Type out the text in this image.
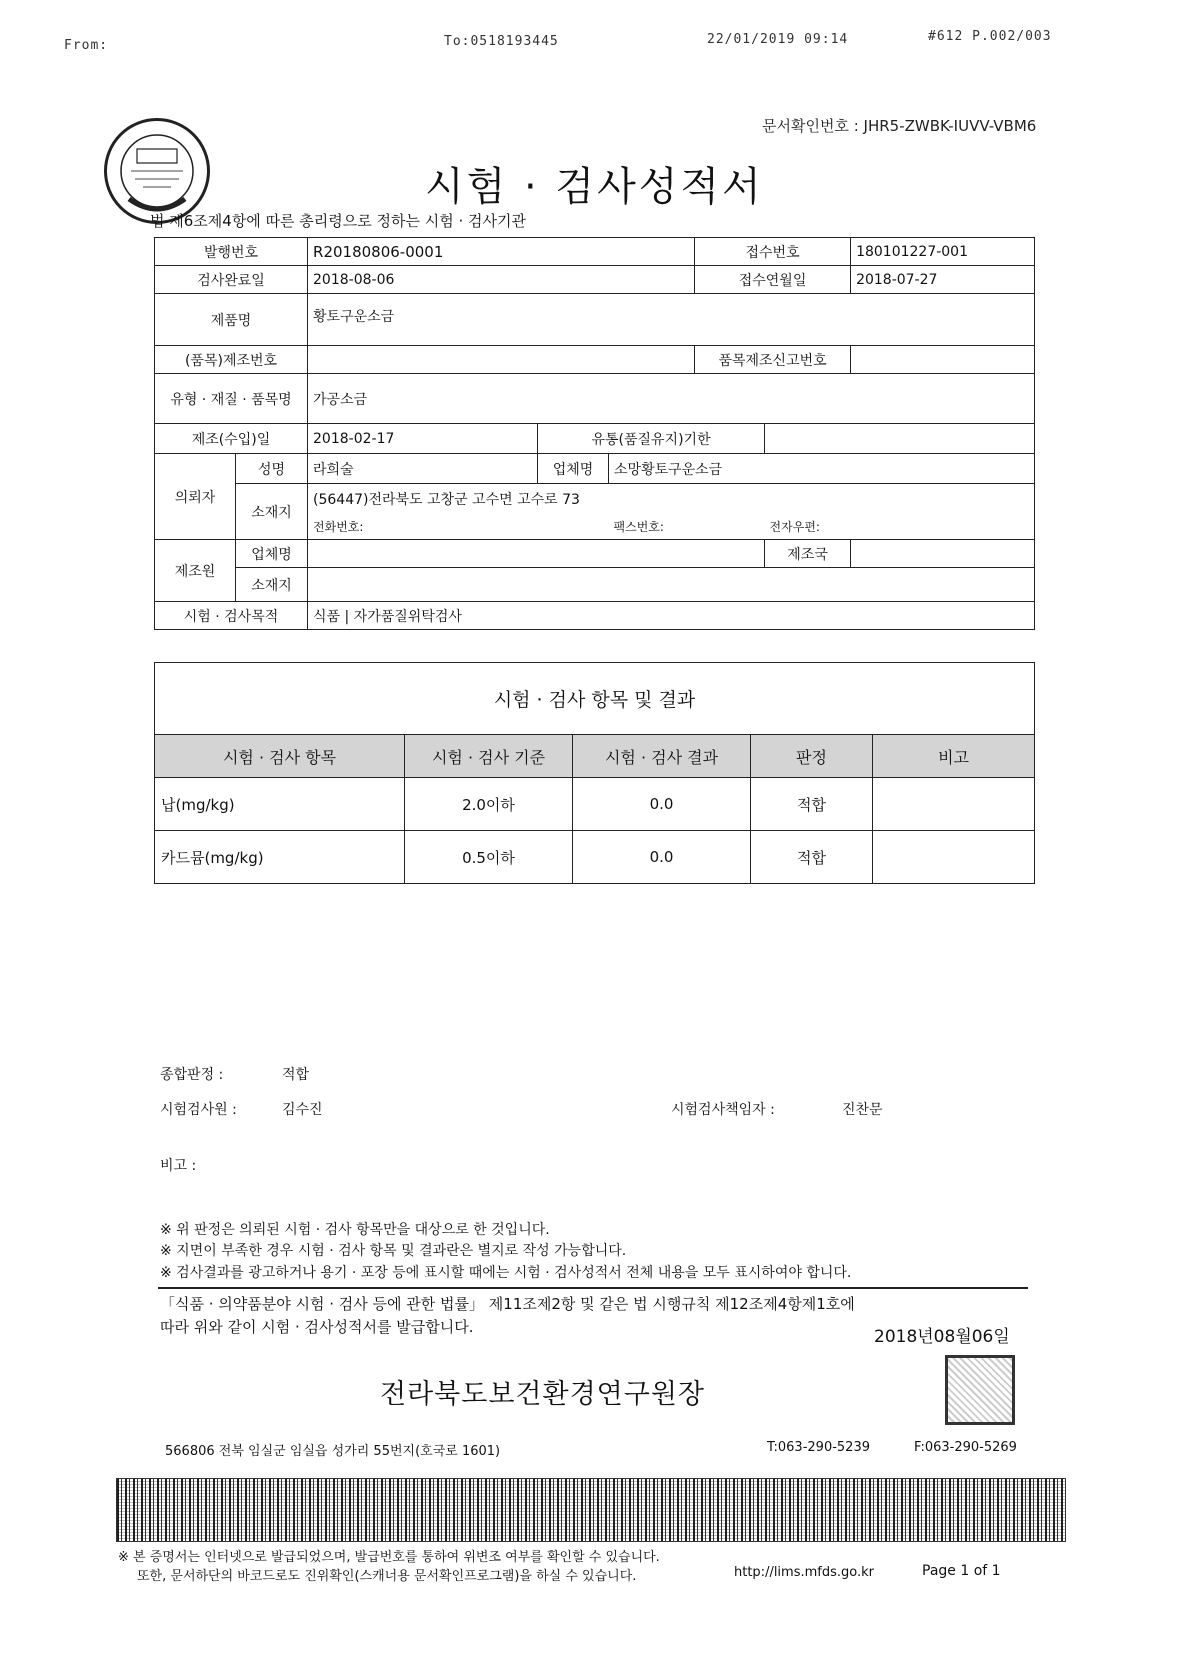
From:	To:0518193445	22/01/2019 09:14	#612 P.002/003
문서확인번호 : JHR5-ZWBK-IUVV-VBM6
시험 · 검사성적서
법 제6조제4항에 따른 총리령으로 정하는 시험 · 검사기관
발행번호		R20180806-0001			접수번호		180101227-001
검사완료일		2018-08-06			접수연월일		2018-07-27
제품명		황토구운소금					
(품목)제조번호					품목제조신고번호		
유형 · 재질 · 품목명		가공소금					
제조(수입)일		2018-02-17	유통(품질유지)기한				
의뢰자	성명	라희술	업체명	소망황토구운소금			
	소재지	(56447)전라북도 고창군 고수면 고수로 73					
		전화번호:		팩스번호:		전자우편:	
제조원	업체명					제조국	
	소재지						
시험 · 검사목적		식품 | 자가품질위탁검사					
시험 · 검사 항목 및 결과				
시험 · 검사 항목	시험 · 검사 기준	시험 · 검사 결과	판정	비고
납(mg/kg)	2.0이하	0.0	적합	
카드뮴(mg/kg)	0.5이하	0.0	적합	
종합판정 :	적합
시험검사원 :	김수진	시험검사책임자 :	진찬문
비고 :
※ 위 판정은 의뢰된 시험 · 검사 항목만을 대상으로 한 것입니다.
※ 지면이 부족한 경우 시험 · 검사 항목 및 결과란은 별지로 작성 가능합니다.
※ 검사결과를 광고하거나 용기 · 포장 등에 표시할 때에는 시험 · 검사성적서 전체 내용을 모두 표시하여야 합니다.
「식품 · 의약품분야 시험 · 검사 등에 관한 법률」 제11조제2항 및 같은 법 시행규칙 제12조제4항제1호에
따라 위와 같이 시험 · 검사성적서를 발급합니다.	2018년08월06일
전라북도보건환경연구원장
566806 전북 임실군 임실읍 성가리 55번지(호국로 1601)	T:063-290-5239	F:063-290-5269
※ 본 증명서는 인터넷으로 발급되었으며, 발급번호를 통하여 위변조 여부를 확인할 수 있습니다.
또한, 문서하단의 바코드로도 진위확인(스캐너용 문서확인프로그램)을 하실 수 있습니다.	http://lims.mfds.go.kr	Page 1 of 1
